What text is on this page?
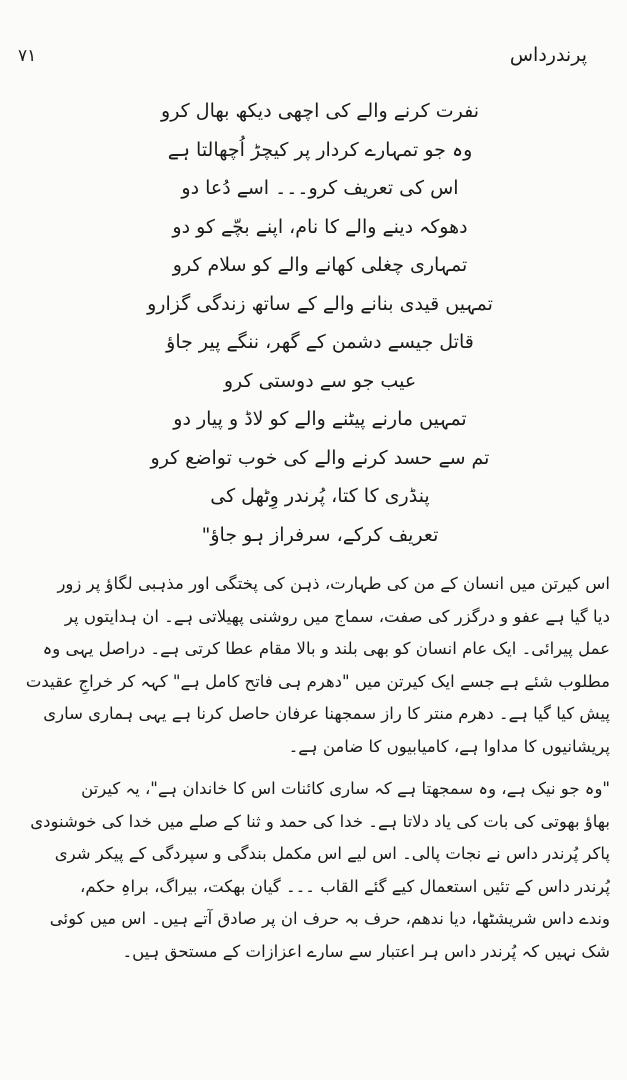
٧١	پرندرداس
نفرت کرنے والے کی اچھی دیکھ بھال کرو
وہ جو تمہارے کردار پر کیچڑ اُچھالتا ہے
اس کی تعریف کرو۔۔۔ اسے دُعا دو
دھوکہ دینے والے کا نام، اپنے بچّے کو دو
تمہاری چغلی کھانے والے کو سلام کرو
تمہیں قیدی بنانے والے کے ساتھ زندگی گزارو
قاتل جیسے دشمن کے گھر، ننگے پیر جاؤ
عیب جو سے دوستی کرو
تمہیں مارنے پیٹنے والے کو لاڈ و پیار دو
تم سے حسد کرنے والے کی خوب تواضع کرو
پنڈری کا کتا، پُرندر وِٹھل کی
تعریف کرکے، سرفراز ہو جاؤ"
اس کیرتن میں انسان کے من کی طہارت، ذہن کی پختگی اور مذہبی لگاؤ پر زور
دیا گیا ہے عفو و درگزر کی صفت، سماج میں روشنی پھیلاتی ہے۔ ان ہدایتوں پر
عمل پیرائی۔ ایک عام انسان کو بھی بلند و بالا مقام عطا کرتی ہے۔ دراصل یہی وہ
مطلوب شئے ہے جسے ایک کیرتن میں "دھرم ہی فاتح کامل ہے" کہہ کر خراجِ عقیدت
پیش کیا گیا ہے۔ دھرم منتر کا راز سمجھنا عرفان حاصل کرنا ہے یہی ہماری ساری
پریشانیوں کا مداوا ہے، کامیابیوں کا ضامن ہے۔
"وہ جو نیک ہے، وہ سمجھتا ہے کہ ساری کائنات اس کا خاندان ہے"، یہ کیرتن
بھاؤ بھوتی کی بات کی یاد دلاتا ہے۔ خدا کی حمد و ثنا کے صلے میں خدا کی خوشنودی
پاکر پُرندر داس نے نجات پالی۔ اس لیے اس مکمل بندگی و سپردگی کے پیکر شری
پُرندر داس کے تئیں استعمال کیے گئے القاب ۔۔۔ گیان بھکت، بیراگ، براہِ حکم،
وندے داس شریشٹھا، دیا ندھم، حرف بہ حرف ان پر صادق آتے ہیں۔ اس میں کوئی
شک نہیں کہ پُرندر داس ہر اعتبار سے سارے اعزازات کے مستحق ہیں۔
